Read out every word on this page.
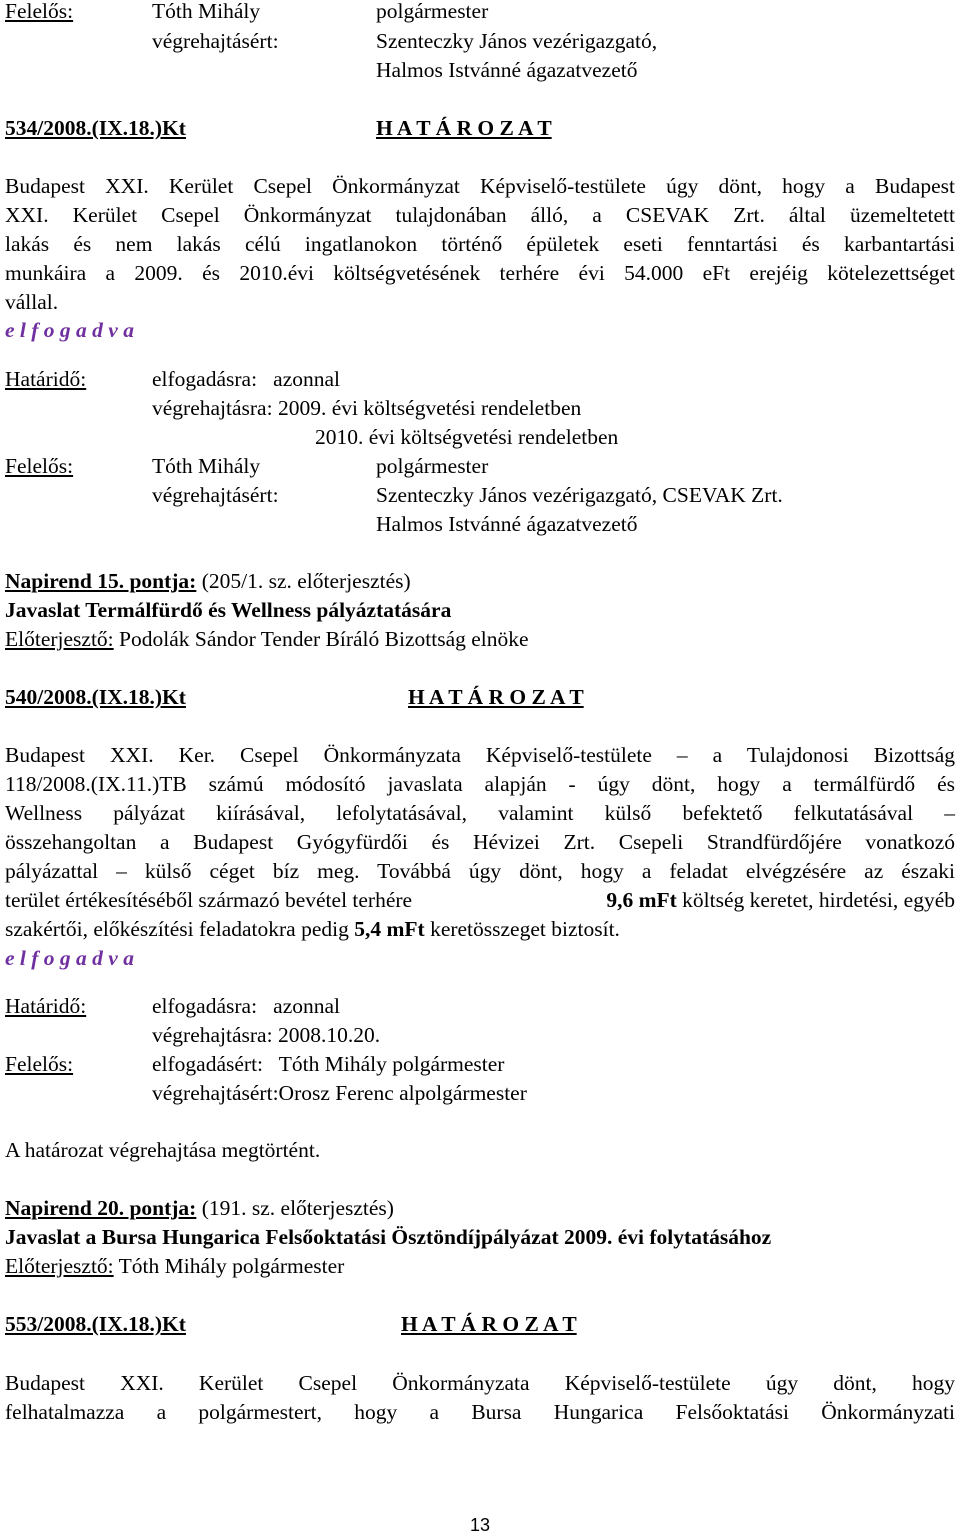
Felelős:	Tóth Mihály	polgármester
végrehajtásért:	Szenteczky János vezérigazgató,
Halmos Istvánné ágazatvezető
534/2008.(IX.18.)Kt	H A T Á R O Z A T
Budapest XXI. Kerület Csepel Önkormányzat Képviselő-testülete úgy dönt, hogy a Budapest
XXI. Kerület Csepel Önkormányzat tulajdonában álló, a CSEVAK Zrt. által üzemeltetett
lakás és nem lakás célú ingatlanokon történő épületek eseti fenntartási és karbantartási
munkáira a 2009. és 2010.évi költségvetésének terhére évi 54.000 eFt erejéig kötelezettséget
vállal.
e l f o g a d v a
Határidő:	elfogadásra:   azonnal
végrehajtásra: 2009. évi költségvetési rendeletben
2010. évi költségvetési rendeletben
Felelős:	Tóth Mihály	polgármester
végrehajtásért:	Szenteczky János vezérigazgató, CSEVAK Zrt.
Halmos Istvánné ágazatvezető
Napirend 15. pontja: (205/1. sz. előterjesztés)
Javaslat Termálfürdő és Wellness pályáztatására
Előterjesztő: Podolák Sándor Tender Bíráló Bizottság elnöke
540/2008.(IX.18.)Kt	H A T Á R O Z A T
Budapest XXI. Ker. Csepel Önkormányzata Képviselő-testülete – a Tulajdonosi Bizottság
118/2008.(IX.11.)TB számú módosító javaslata alapján - úgy dönt, hogy a termálfürdő és
Wellness pályázat kiírásával, lefolytatásával, valamint külső befektető felkutatásával –
összehangoltan a Budapest Gyógyfürdői és Hévizei Zrt. Csepeli Strandfürdőjére vonatkozó
pályázattal – külső céget bíz meg. Továbbá úgy dönt, hogy a feladat elvégzésére az északi
terület értékesítéséből származó bevétel terhére	9,6 mFt költség keretet, hirdetési, egyéb
szakértői, előkészítési feladatokra pedig 5,4 mFt keretösszeget biztosít.
e l f o g a d v a
Határidő:	elfogadásra:   azonnal
végrehajtásra: 2008.10.20.
Felelős:	elfogadásért:   Tóth Mihály polgármester
végrehajtásért:Orosz Ferenc alpolgármester
A határozat végrehajtása megtörtént.
Napirend 20. pontja: (191. sz. előterjesztés)
Javaslat a Bursa Hungarica Felsőoktatási Ösztöndíjpályázat 2009. évi folytatásához
Előterjesztő: Tóth Mihály polgármester
553/2008.(IX.18.)Kt	H A T Á R O Z A T
Budapest XXI. Kerület Csepel Önkormányzata Képviselő-testülete úgy dönt, hogy
felhatalmazza a polgármestert, hogy a Bursa Hungarica Felsőoktatási Önkormányzati
13
